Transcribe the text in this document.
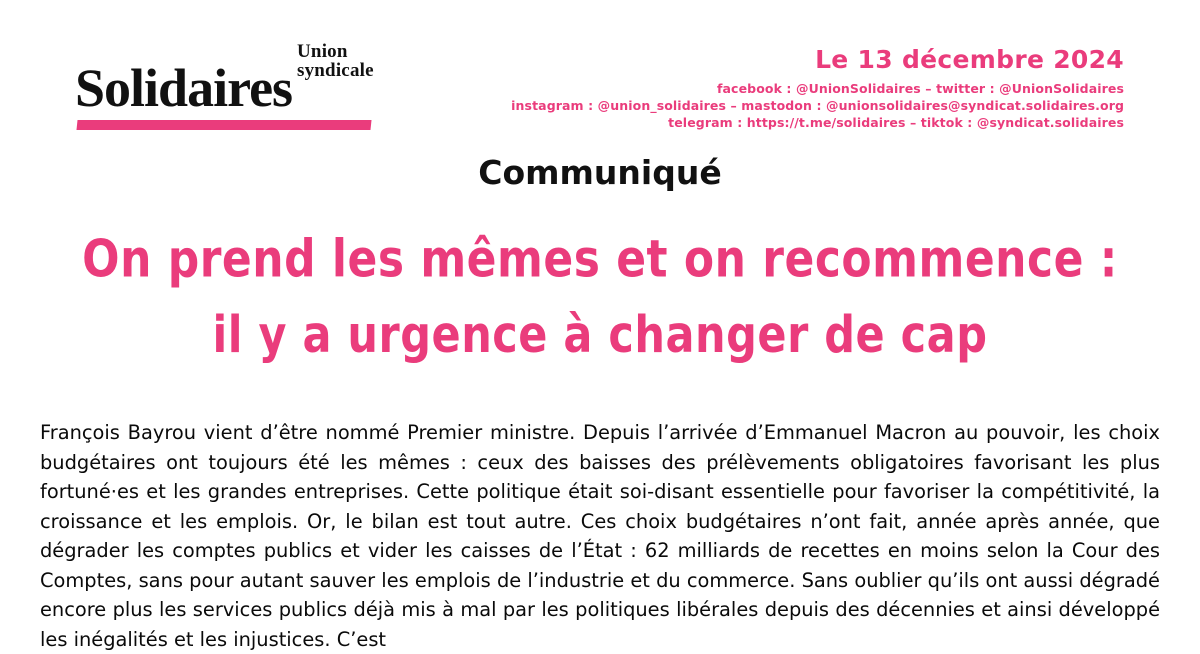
Union
syndicale
Solidaires	Le 13 décembre 2024
facebook : @UnionSolidaires – twitter : @UnionSolidaires
instagram : @union_solidaires – mastodon : @unionsolidaires@syndicat.solidaires.org
telegram : https://t.me/solidaires – tiktok : @syndicat.solidaires
Communiqué
On prend les mêmes et on recommence :
il y a urgence à changer de cap
François Bayrou vient d’être nommé Premier ministre. Depuis l’arrivée d’Emmanuel Macron au pouvoir, les choix budgétaires ont toujours été les mêmes : ceux des baisses des prélèvements obligatoires favorisant les plus fortuné·es et les grandes entreprises. Cette politique était soi-disant essentielle pour favoriser la compétitivité, la croissance et les emplois. Or, le bilan est tout autre. Ces choix budgétaires n’ont fait, année après année, que dégrader les comptes publics et vider les caisses de l’État : 62 milliards de recettes en moins selon la Cour des Comptes, sans pour autant sauver les emplois de l’industrie et du commerce. Sans oublier qu’ils ont aussi dégradé encore plus les services publics déjà mis à mal par les politiques libérales depuis des décennies et ainsi développé les inégalités et les injustices. C’est
